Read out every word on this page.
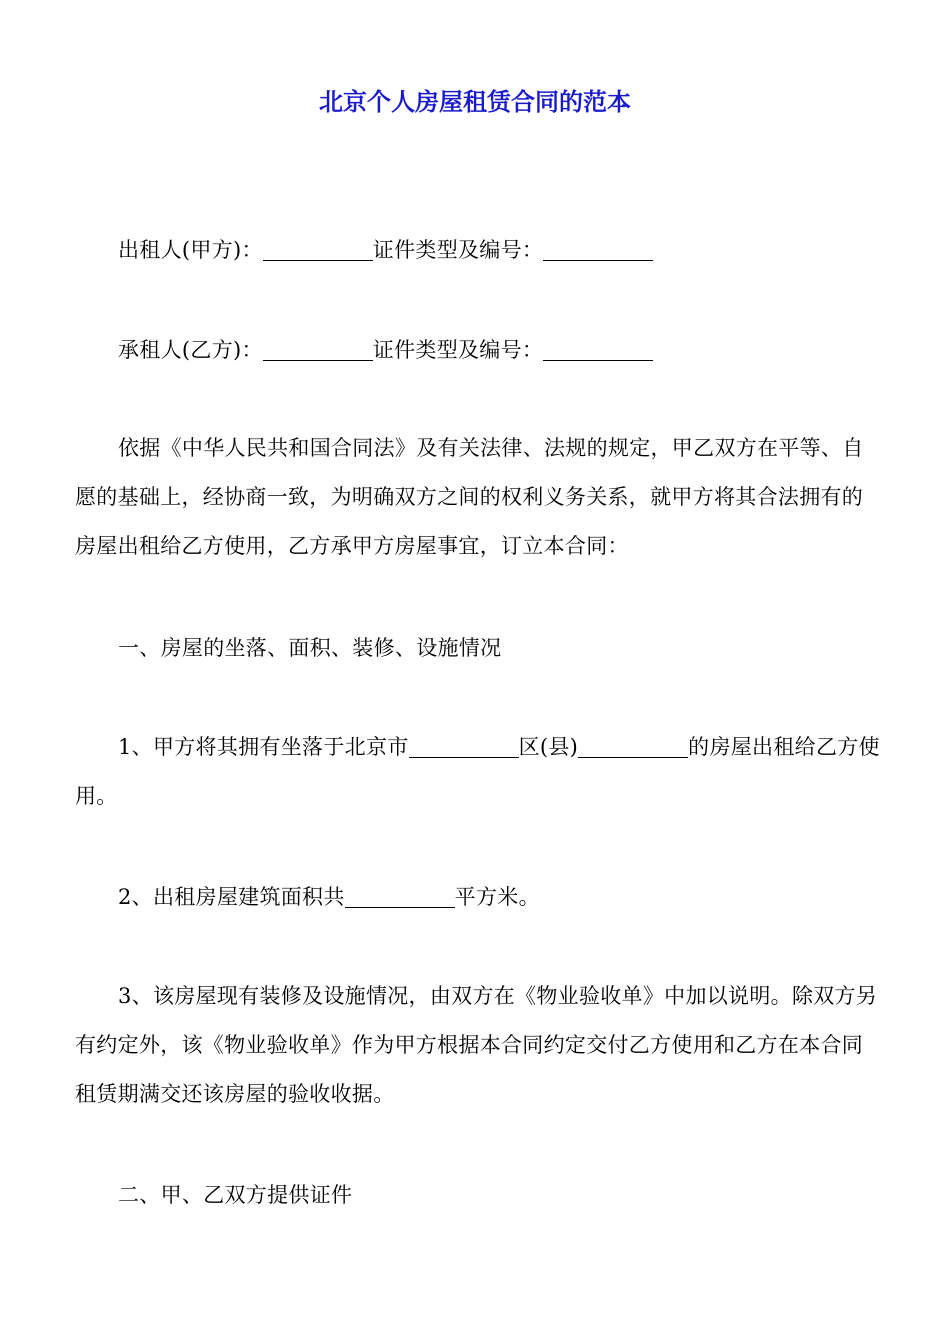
北京个人房屋租赁合同的范本

出租人(甲方)：	证件类型及编号：

承租人(乙方)：	证件类型及编号：

依据《中华人民共和国合同法》及有关法律、法规的规定，甲乙双方在平等、自愿的基础上，经协商一致，为明确双方之间的权利义务关系，就甲方将其合法拥有的房屋出租给乙方使用，乙方承甲方房屋事宜，订立本合同：

一、房屋的坐落、面积、装修、设施情况

1、甲方将其拥有坐落于北京市	区(县)	的房屋出租给乙方使用。

2、出租房屋建筑面积共	平方米。

3、该房屋现有装修及设施情况，由双方在《物业验收单》中加以说明。除双方另有约定外，该《物业验收单》作为甲方根据本合同约定交付乙方使用和乙方在本合同租赁期满交还该房屋的验收收据。

二、甲、乙双方提供证件
